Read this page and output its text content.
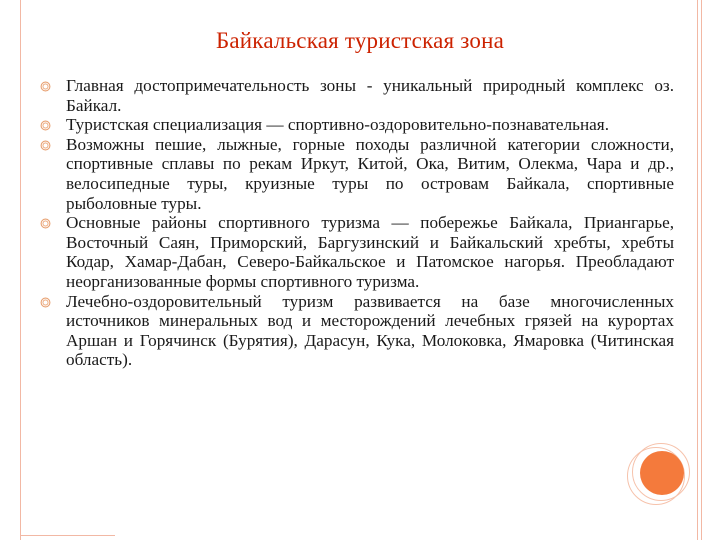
Байкальская туристская зона
Главная достопримечательность зоны - уникальный природный комплекс оз. Байкал.
Туристская специализация — спортивно-оздоровительно-познавательная.
Возможны пешие, лыжные, горные походы различной категории сложности, спортивные сплавы по рекам Иркут, Китой, Ока, Витим, Олекма, Чара и др., велосипедные туры, круизные туры по островам Байкала, спортивные рыболовные туры.
Основные районы спортивного туризма — побережье Байкала, Приангарье, Восточный Саян, Приморский, Баргузинский и Байкальский хребты, хребты Кодар, Хамар-Дабан, Северо-Байкальское и Патомское нагорья. Преобладают неорганизованные формы спортивного туризма.
Лечебно-оздоровительный туризм развивается на базе многочисленных источников минеральных вод и месторождений лечебных грязей на курортах Аршан и Горячинск (Бурятия), Дарасун, Кука, Молоковка, Ямаровка (Читинская область).
